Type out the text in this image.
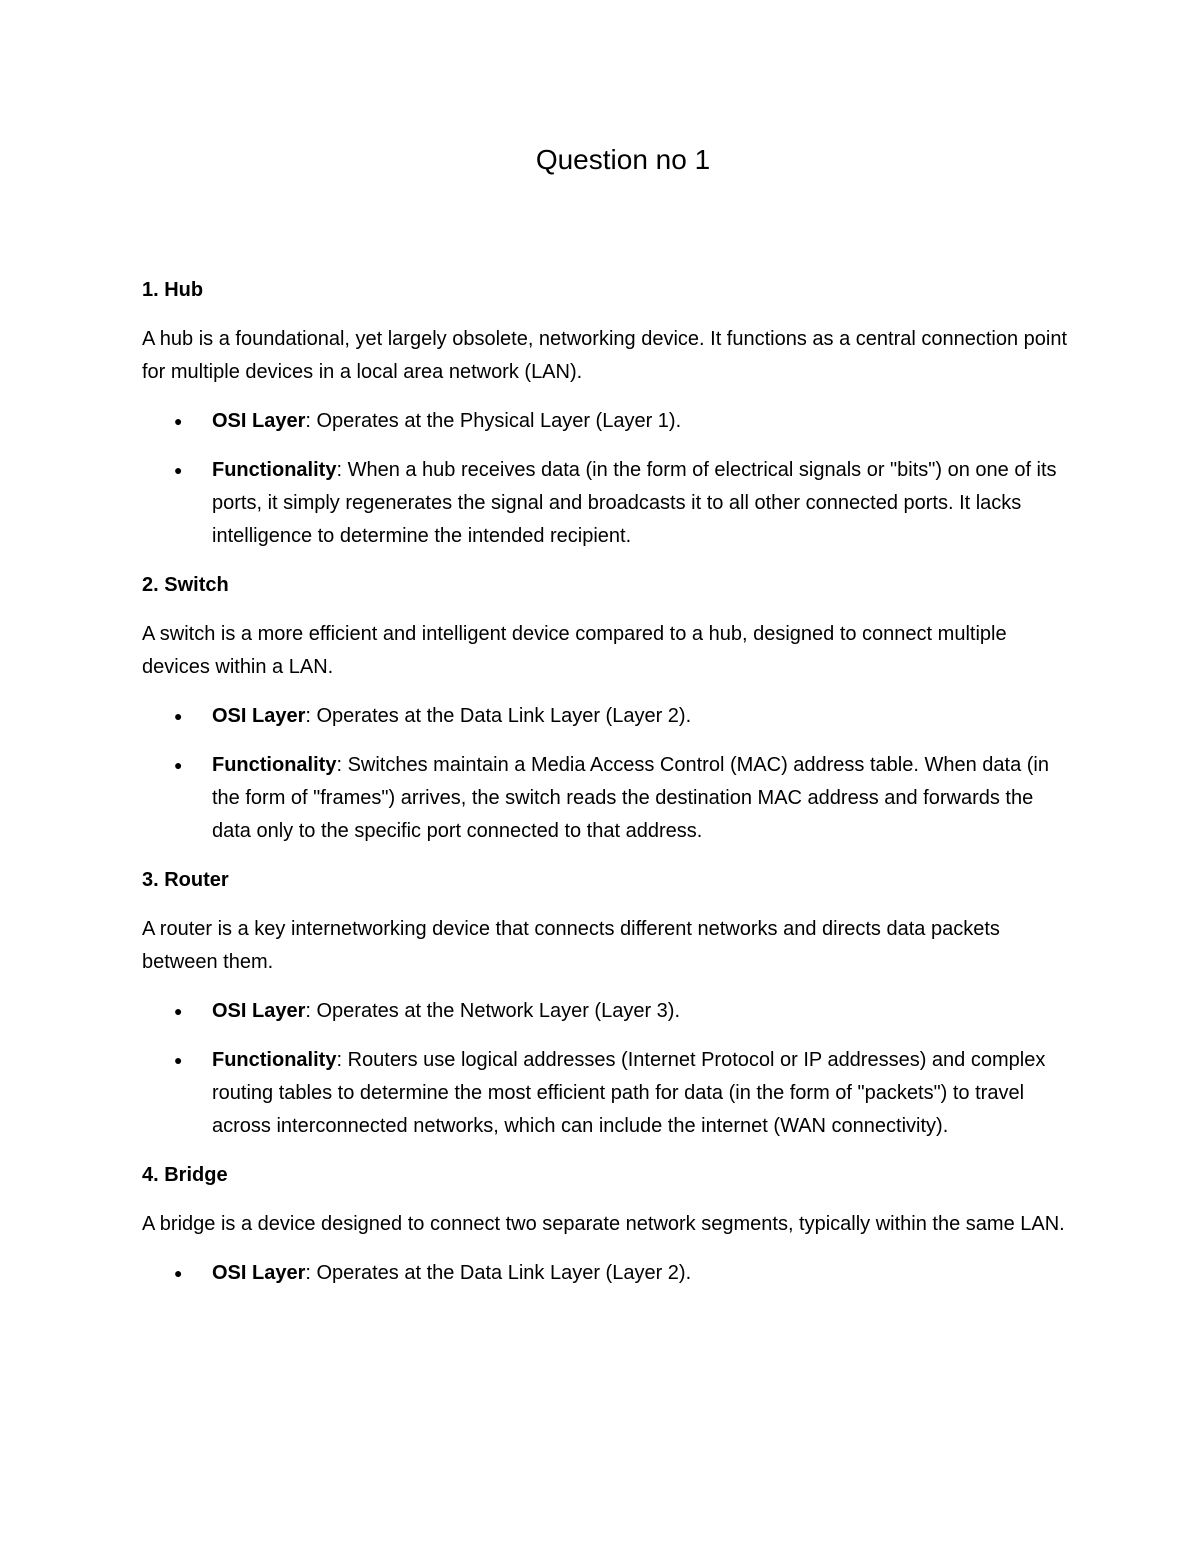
Question no 1

1. Hub

A hub is a foundational, yet largely obsolete, networking device. It functions as a central connection point for multiple devices in a local area network (LAN).

●	OSI Layer: Operates at the Physical Layer (Layer 1).
●	Functionality: When a hub receives data (in the form of electrical signals or "bits") on one of its ports, it simply regenerates the signal and broadcasts it to all other connected ports. It lacks intelligence to determine the intended recipient.

2. Switch

A switch is a more efficient and intelligent device compared to a hub, designed to connect multiple devices within a LAN.

●	OSI Layer: Operates at the Data Link Layer (Layer 2).
●	Functionality: Switches maintain a Media Access Control (MAC) address table. When data (in the form of "frames") arrives, the switch reads the destination MAC address and forwards the data only to the specific port connected to that address.

3. Router

A router is a key internetworking device that connects different networks and directs data packets between them.

●	OSI Layer: Operates at the Network Layer (Layer 3).
●	Functionality: Routers use logical addresses (Internet Protocol or IP addresses) and complex routing tables to determine the most efficient path for data (in the form of "packets") to travel across interconnected networks, which can include the internet (WAN connectivity).

4. Bridge

A bridge is a device designed to connect two separate network segments, typically within the same LAN.

●	OSI Layer: Operates at the Data Link Layer (Layer 2).
